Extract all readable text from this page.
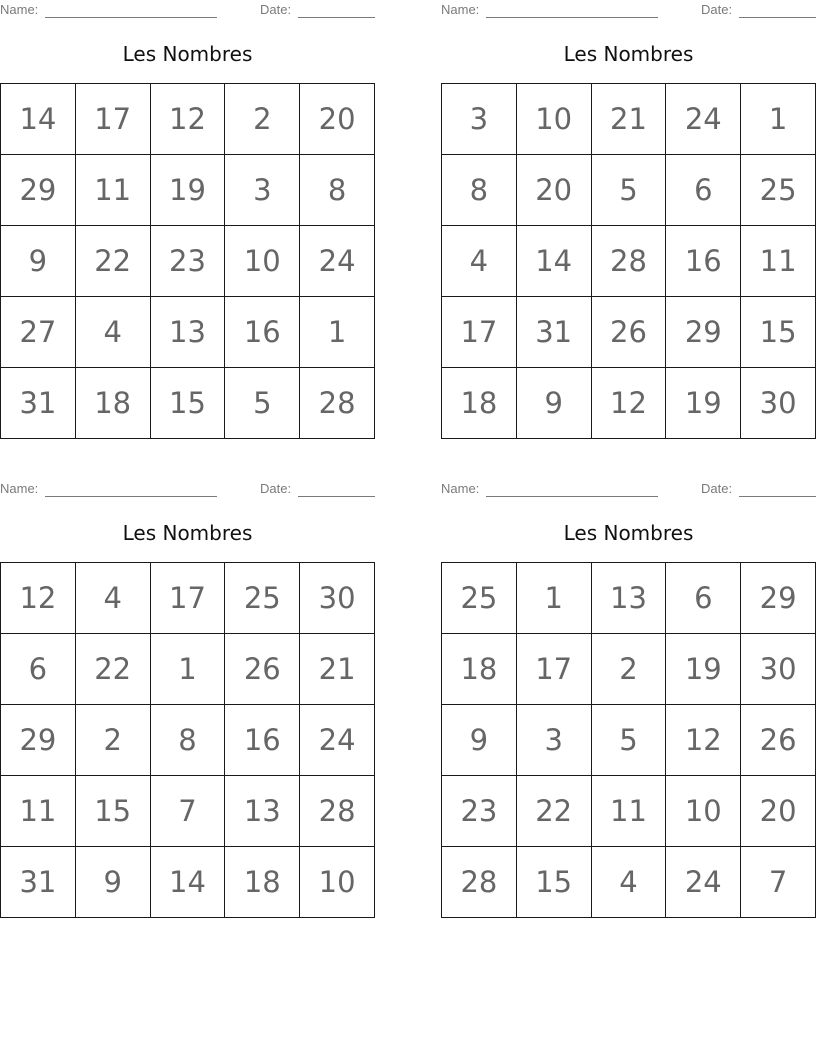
Name:	Date:
Les Nombres
14	17	12	2	20
29	11	19	3	8
9	22	23	10	24
27	4	13	16	1
31	18	15	5	28
Name:	Date:
Les Nombres
3	10	21	24	1
8	20	5	6	25
4	14	28	16	11
17	31	26	29	15
18	9	12	19	30
Name:	Date:
Les Nombres
12	4	17	25	30
6	22	1	26	21
29	2	8	16	24
11	15	7	13	28
31	9	14	18	10
Name:	Date:
Les Nombres
25	1	13	6	29
18	17	2	19	30
9	3	5	12	26
23	22	11	10	20
28	15	4	24	7
